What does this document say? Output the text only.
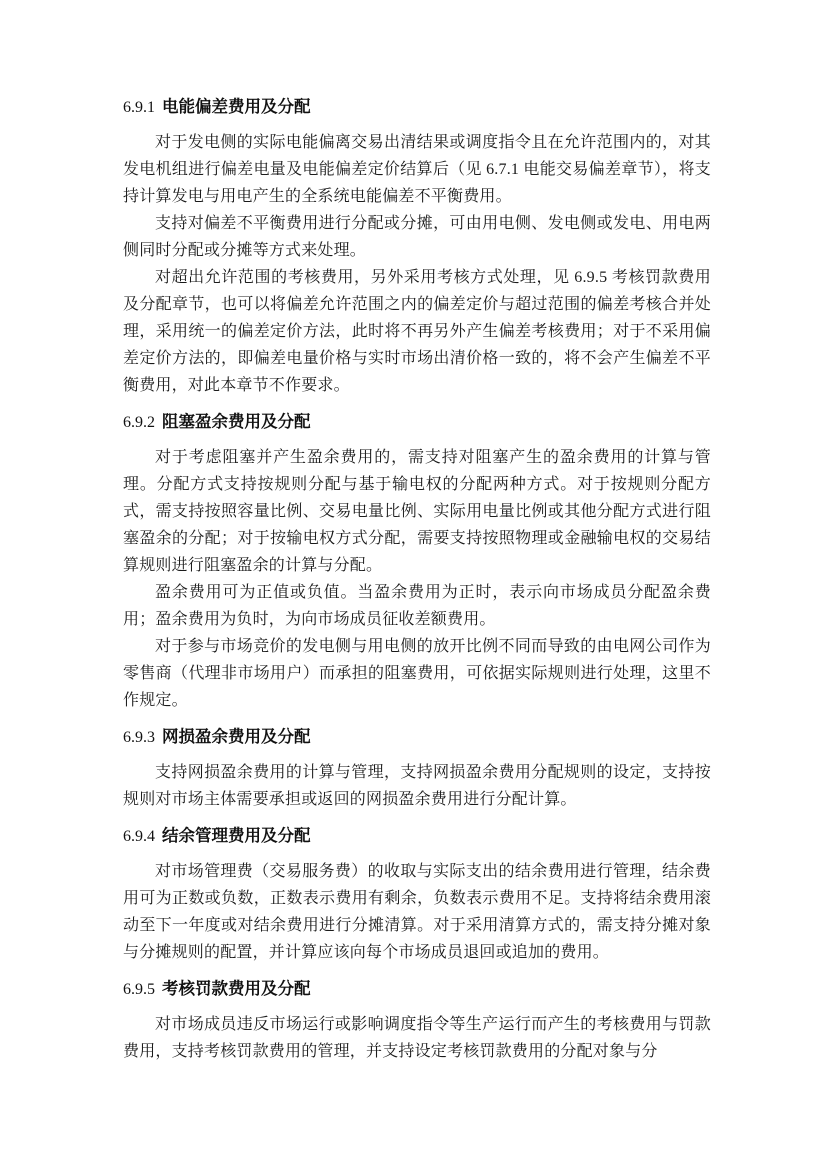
6.9.1 电能偏差费用及分配

对于发电侧的实际电能偏离交易出清结果或调度指令且在允许范围内的，对其发电机组进行偏差电量及电能偏差定价结算后（见 6.7.1 电能交易偏差章节），将支持计算发电与用电产生的全系统电能偏差不平衡费用。

支持对偏差不平衡费用进行分配或分摊，可由用电侧、发电侧或发电、用电两侧同时分配或分摊等方式来处理。

对超出允许范围的考核费用，另外采用考核方式处理，见 6.9.5 考核罚款费用及分配章节，也可以将偏差允许范围之内的偏差定价与超过范围的偏差考核合并处理，采用统一的偏差定价方法，此时将不再另外产生偏差考核费用；对于不采用偏差定价方法的，即偏差电量价格与实时市场出清价格一致的，将不会产生偏差不平衡费用，对此本章节不作要求。

6.9.2 阻塞盈余费用及分配

对于考虑阻塞并产生盈余费用的，需支持对阻塞产生的盈余费用的计算与管理。分配方式支持按规则分配与基于输电权的分配两种方式。对于按规则分配方式，需支持按照容量比例、交易电量比例、实际用电量比例或其他分配方式进行阻塞盈余的分配；对于按输电权方式分配，需要支持按照物理或金融输电权的交易结算规则进行阻塞盈余的计算与分配。

盈余费用可为正值或负值。当盈余费用为正时，表示向市场成员分配盈余费用；盈余费用为负时，为向市场成员征收差额费用。

对于参与市场竞价的发电侧与用电侧的放开比例不同而导致的由电网公司作为零售商（代理非市场用户）而承担的阻塞费用，可依据实际规则进行处理，这里不作规定。

6.9.3 网损盈余费用及分配

支持网损盈余费用的计算与管理，支持网损盈余费用分配规则的设定，支持按规则对市场主体需要承担或返回的网损盈余费用进行分配计算。

6.9.4 结余管理费用及分配

对市场管理费（交易服务费）的收取与实际支出的结余费用进行管理，结余费用可为正数或负数，正数表示费用有剩余，负数表示费用不足。支持将结余费用滚动至下一年度或对结余费用进行分摊清算。对于采用清算方式的，需支持分摊对象与分摊规则的配置，并计算应该向每个市场成员退回或追加的费用。

6.9.5 考核罚款费用及分配

对市场成员违反市场运行或影响调度指令等生产运行而产生的考核费用与罚款费用，支持考核罚款费用的管理，并支持设定考核罚款费用的分配对象与分
